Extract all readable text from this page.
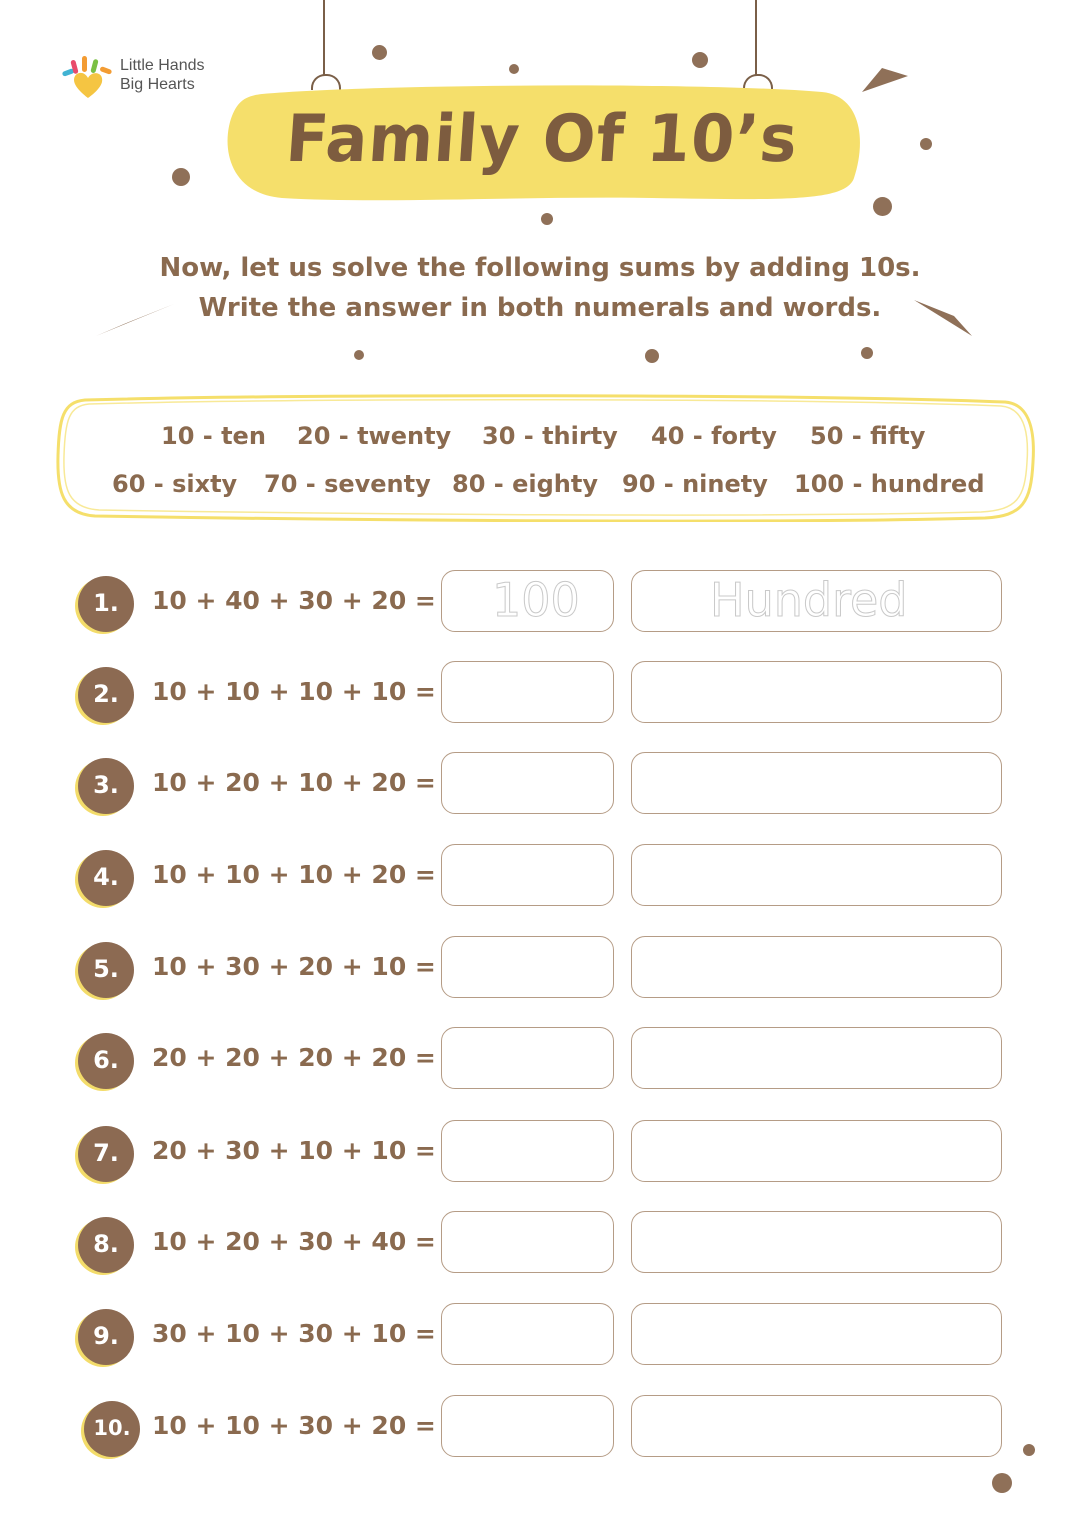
Little Hands
Big Hearts
Family Of 10’s
Now, let us solve the following sums by adding 10s.
Write the answer in both numerals and words.
10 - ten 20 - twenty 30 - thirty 40 - forty 50 - fifty
60 - sixty 70 - seventy 80 - eighty 90 - ninety 100 - hundred
1.	10 + 40 + 30 + 20 = 100	Hundred
2.	10 + 10 + 10 + 10 =
3.	10 + 20 + 10 + 20 =
4.	10 + 10 + 10 + 20 =
5.	10 + 30 + 20 + 10 =
6.	20 + 20 + 20 + 20 =
7.	20 + 30 + 10 + 10 =
8.	10 + 20 + 30 + 40 =
9.	30 + 10 + 30 + 10 =
10. 10 + 10 + 30 + 20 =
